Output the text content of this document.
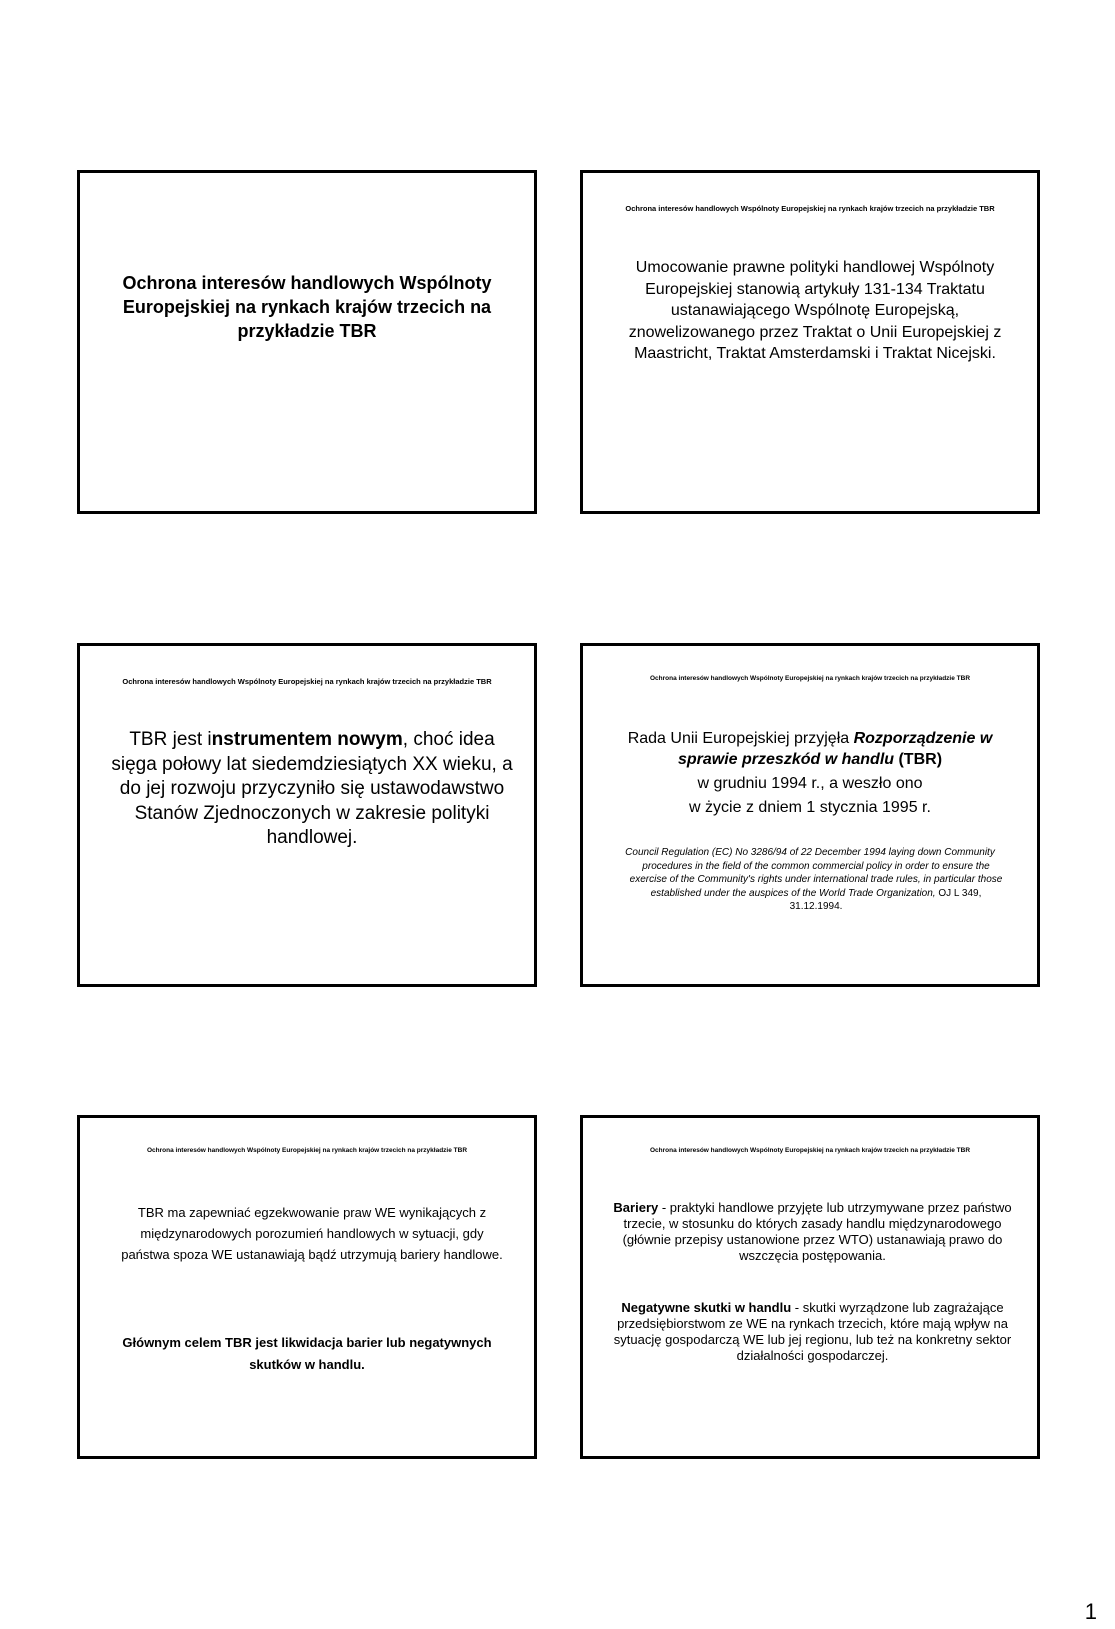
Ochrona interesów handlowych Wspólnoty Europejskiej na rynkach krajów trzecich na przykładzie TBR
Ochrona interesów handlowych Wspólnoty Europejskiej na rynkach krajów trzecich na przykładzie TBR
Umocowanie prawne polityki handlowej Wspólnoty Europejskiej stanowią artykuły 131-134 Traktatu ustanawiającego Wspólnotę Europejską, znowelizowanego przez Traktat o Unii Europejskiej z Maastricht, Traktat Amsterdamski i Traktat Nicejski.
Ochrona interesów handlowych Wspólnoty Europejskiej na rynkach krajów trzecich na przykładzie TBR
TBR jest instrumentem nowym, choć idea sięga połowy lat siedemdziesiątych XX wieku, a do jej rozwoju przyczyniło się ustawodawstwo Stanów Zjednoczonych w zakresie polityki handlowej.
Ochrona interesów handlowych Wspólnoty Europejskiej na rynkach krajów trzecich na przykładzie TBR

Rada Unii Europejskiej przyjęła Rozporządzenie w sprawie przeszkód w handlu (TBR)

w grudniu 1994 r., a weszło ono

w życie z dniem 1 stycznia 1995 r.

Council Regulation (EC) No 3286/94 of 22 December 1994 laying down Community procedures in the field of the common commercial policy in order to ensure the exercise of the Community's rights under international trade rules, in particular those established under the auspices of the World Trade Organization, OJ L 349, 31.12.1994.
Ochrona interesów handlowych Wspólnoty Europejskiej na rynkach krajów trzecich na przykładzie TBR
TBR ma zapewniać egzekwowanie praw WE wynikających z międzynarodowych porozumień handlowych w sytuacji, gdy państwa spoza WE ustanawiają bądź utrzymują bariery handlowe.
Głównym celem TBR jest likwidacja barier lub negatywnych skutków w handlu.
Ochrona interesów handlowych Wspólnoty Europejskiej na rynkach krajów trzecich na przykładzie TBR
Bariery - praktyki handlowe przyjęte lub utrzymywane przez państwo trzecie, w stosunku do których zasady handlu międzynarodowego (głównie przepisy ustanowione przez WTO) ustanawiają prawo do wszczęcia postępowania.
Negatywne skutki w handlu - skutki wyrządzone lub zagrażające przedsiębiorstwom ze WE na rynkach trzecich, które mają wpływ na sytuację gospodarczą WE lub jej regionu, lub też na konkretny sektor działalności gospodarczej.
1
